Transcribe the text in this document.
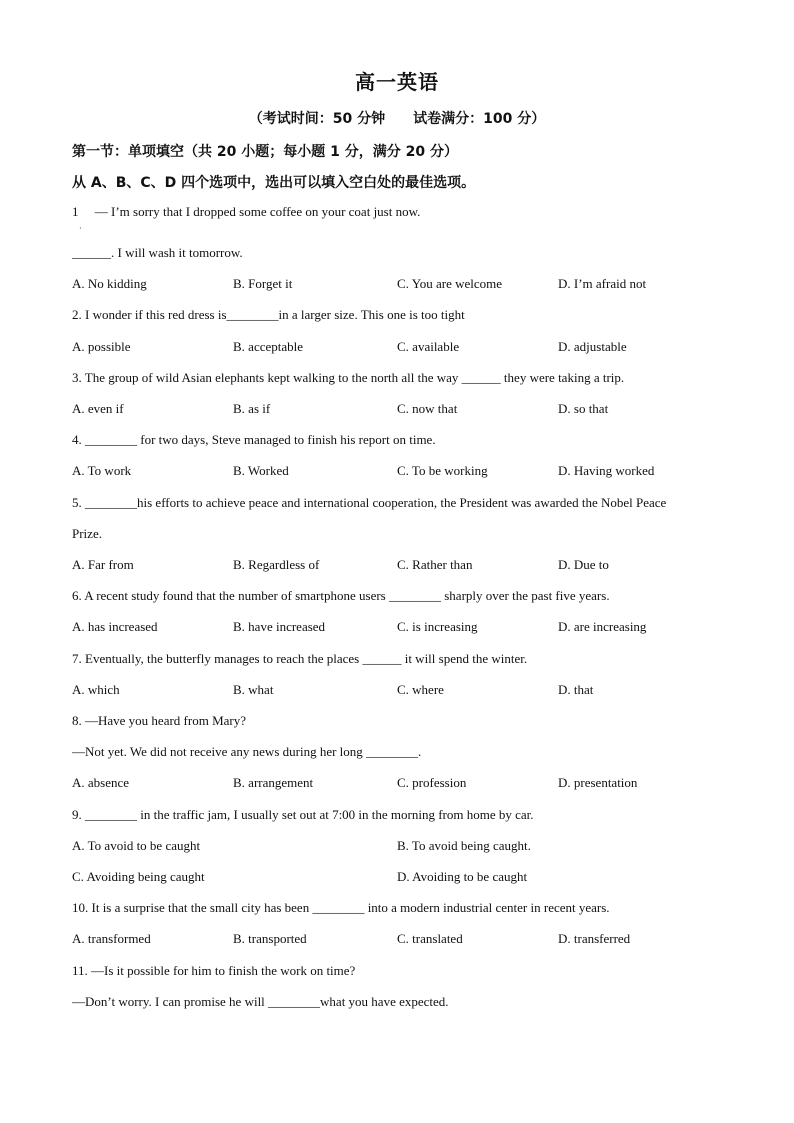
高一英语
（考试时间：50 分钟 试卷满分：100 分）
第一节：单项填空（共 20 小题；每小题 1 分，满分 20 分）
从 A、B、C、D 四个选项中，选出可以填入空白处的最佳选项。
1 　— I’m sorry that I dropped some coffee on your coat just now.
·
______. I will wash it tomorrow.
A. No kidding	B. Forget it	C. You are welcome	D. I’m afraid not
2. I wonder if this red dress is________in a larger size. This one is too tight
A. possible	B. acceptable	C. available	D. adjustable
3. The group of wild Asian elephants kept walking to the north all the way ______ they were taking a trip.
A. even if	B. as if	C. now that	D. so that
4. ________ for two days, Steve managed to finish his report on time.
A. To work	B. Worked	C. To be working	D. Having worked
5. ________his efforts to achieve peace and international cooperation, the President was awarded the Nobel Peace
Prize.
A. Far from	B. Regardless of	C. Rather than	D. Due to
6. A recent study found that the number of smartphone users ________ sharply over the past five years.
A. has increased	B. have increased	C. is increasing	D. are increasing
7. Eventually, the butterfly manages to reach the places ______ it will spend the winter.
A. which	B. what	C. where	D. that
8. —Have you heard from Mary?
—Not yet. We did not receive any news during her long ________.
A. absence	B. arrangement	C. profession	D. presentation
9. ________ in the traffic jam, I usually set out at 7:00 in the morning from home by car.
A. To avoid to be caught	B. To avoid being caught.
C. Avoiding being caught	D. Avoiding to be caught
10. It is a surprise that the small city has been ________ into a modern industrial center in recent years.
A. transformed	B. transported	C. translated	D. transferred
11. —Is it possible for him to finish the work on time?
—Don’t worry. I can promise he will ________what you have expected.
